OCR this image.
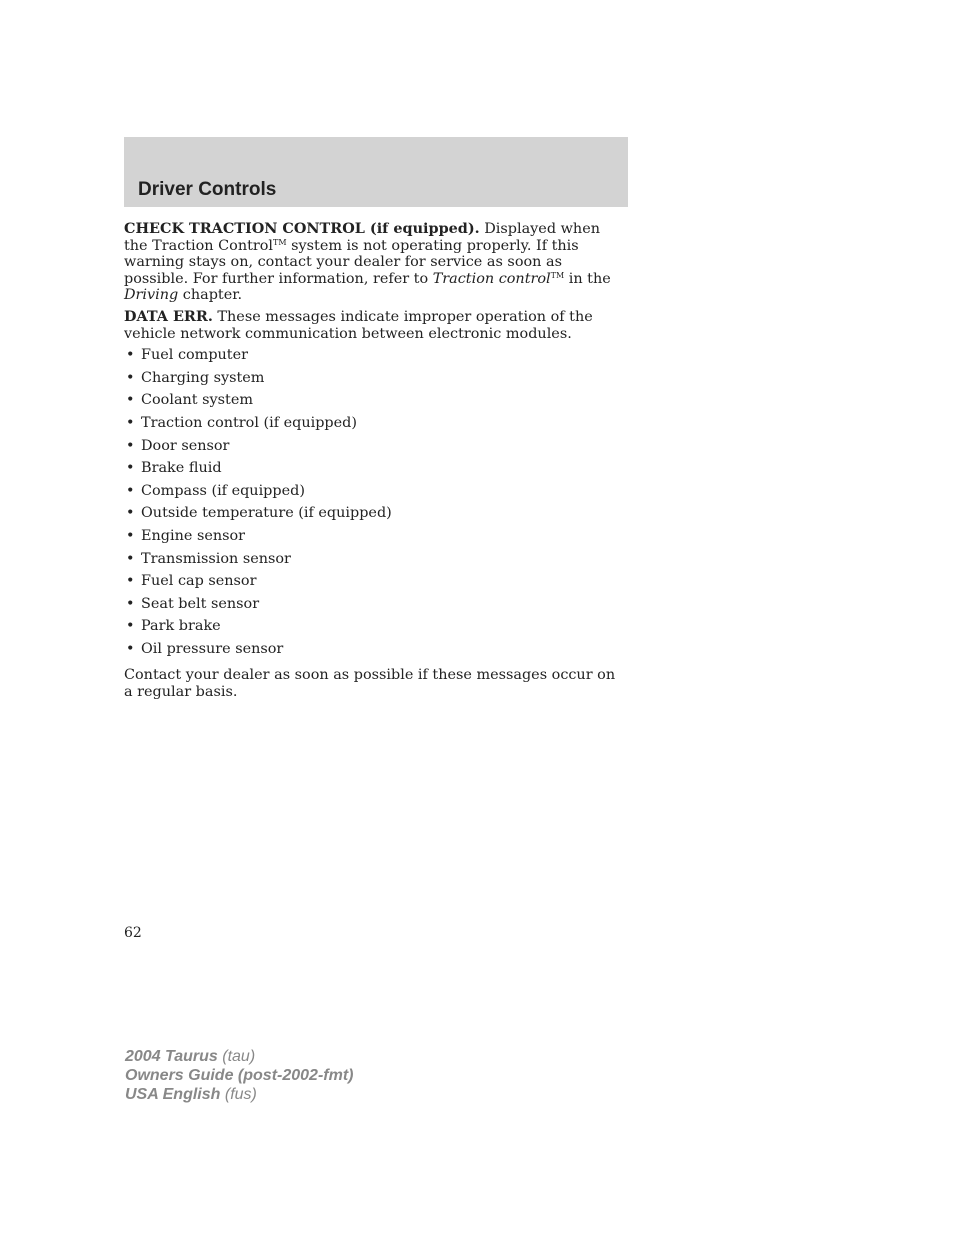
Driver Controls

CHECK TRACTION CONTROL (if equipped). Displayed when the Traction Control™ system is not operating properly. If this warning stays on, contact your dealer for service as soon as possible. For further information, refer to Traction control™ in the Driving chapter.

DATA ERR. These messages indicate improper operation of the vehicle network communication between electronic modules.

• Fuel computer
• Charging system
• Coolant system
• Traction control (if equipped)
• Door sensor
• Brake fluid
• Compass (if equipped)
• Outside temperature (if equipped)
• Engine sensor
• Transmission sensor
• Fuel cap sensor
• Seat belt sensor
• Park brake
• Oil pressure sensor

Contact your dealer as soon as possible if these messages occur on a regular basis.

62
2004 Taurus (tau)
Owners Guide (post-2002-fmt)
USA English (fus)
